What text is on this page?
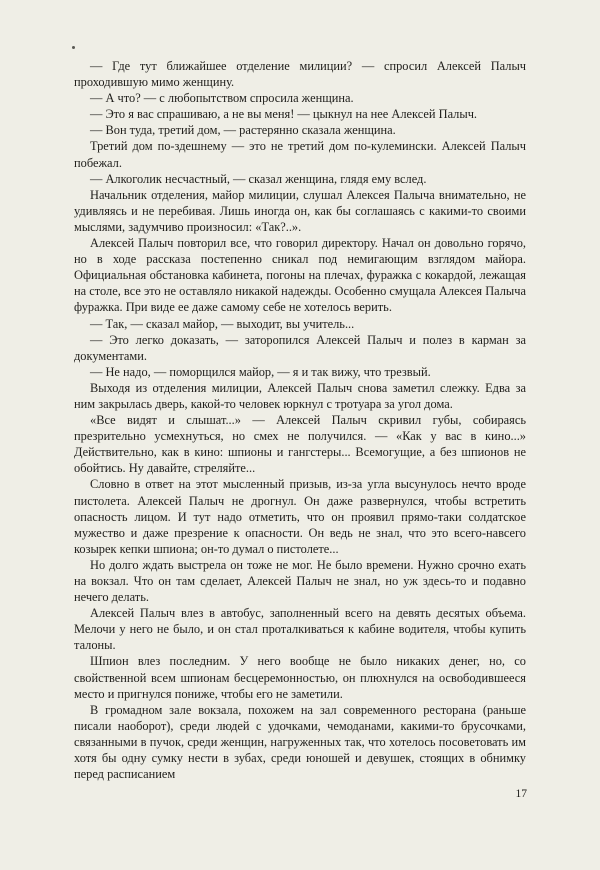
— Где тут ближайшее отделение милиции? — спросил Алексей Палыч проходившую мимо женщину.

— А что? — с любопытством спросила женщина.

— Это я вас спрашиваю, а не вы меня! — цыкнул на нее Алексей Палыч.

— Вон туда, третий дом, — растерянно сказала женщина.

Третий дом по-здешнему — это не третий дом по-кулемински. Алексей Палыч побежал.

— Алкоголик несчастный, — сказал женщина, глядя ему вслед.

Начальник отделения, майор милиции, слушал Алексея Палыча внимательно, не удивляясь и не перебивая. Лишь иногда он, как бы соглашаясь с какими-то своими мыслями, задумчиво произносил: «Так?..».

Алексей Палыч повторил все, что говорил директору. Начал он довольно горячо, но в ходе рассказа постепенно сникал под немигающим взглядом майора. Официальная обстановка кабинета, погоны на плечах, фуражка с кокардой, лежащая на столе, все это не оставляло никакой надежды. Особенно смущала Алексея Палыча фуражка. При виде ее даже самому себе не хотелось верить.

— Так, — сказал майор, — выходит, вы учитель...

— Это легко доказать, — заторопился Алексей Палыч и полез в карман за документами.

— Не надо, — поморщился майор, — я и так вижу, что трезвый.

Выходя из отделения милиции, Алексей Палыч снова заметил слежку. Едва за ним закрылась дверь, какой-то человек юркнул с тротуара за угол дома.

«Все видят и слышат...» — Алексей Палыч скривил губы, собираясь презрительно усмехнуться, но смех не получился. — «Как у вас в кино...» Действительно, как в кино: шпионы и гангстеры... Всемогущие, а без шпионов не обойтись. Ну давайте, стреляйте...

Словно в ответ на этот мысленный призыв, из-за угла высунулось нечто вроде пистолета. Алексей Палыч не дрогнул. Он даже развернулся, чтобы встретить опасность лицом. И тут надо отметить, что он проявил прямо-таки солдатское мужество и даже презрение к опасности. Он ведь не знал, что это всего-навсего козырек кепки шпиона; он-то думал о пистолете...

Но долго ждать выстрела он тоже не мог. Не было времени. Нужно срочно ехать на вокзал. Что он там сделает, Алексей Палыч не знал, но уж здесь-то и подавно нечего делать.

Алексей Палыч влез в автобус, заполненный всего на девять десятых объема. Мелочи у него не было, и он стал проталкиваться к кабине водителя, чтобы купить талоны.

Шпион влез последним. У него вообще не было никаких денег, но, со свойственной всем шпионам бесцеремонностью, он плюхнулся на освободившееся место и пригнулся пониже, чтобы его не заметили.

В громадном зале вокзала, похожем на зал современного ресторана (раньше писали наоборот), среди людей с удочками, чемоданами, какими-то брусочками, связанными в пучок, среди женщин, нагруженных так, что хотелось посоветовать им хотя бы одну сумку нести в зубах, среди юношей и девушек, стоящих в обнимку перед расписанием

17
